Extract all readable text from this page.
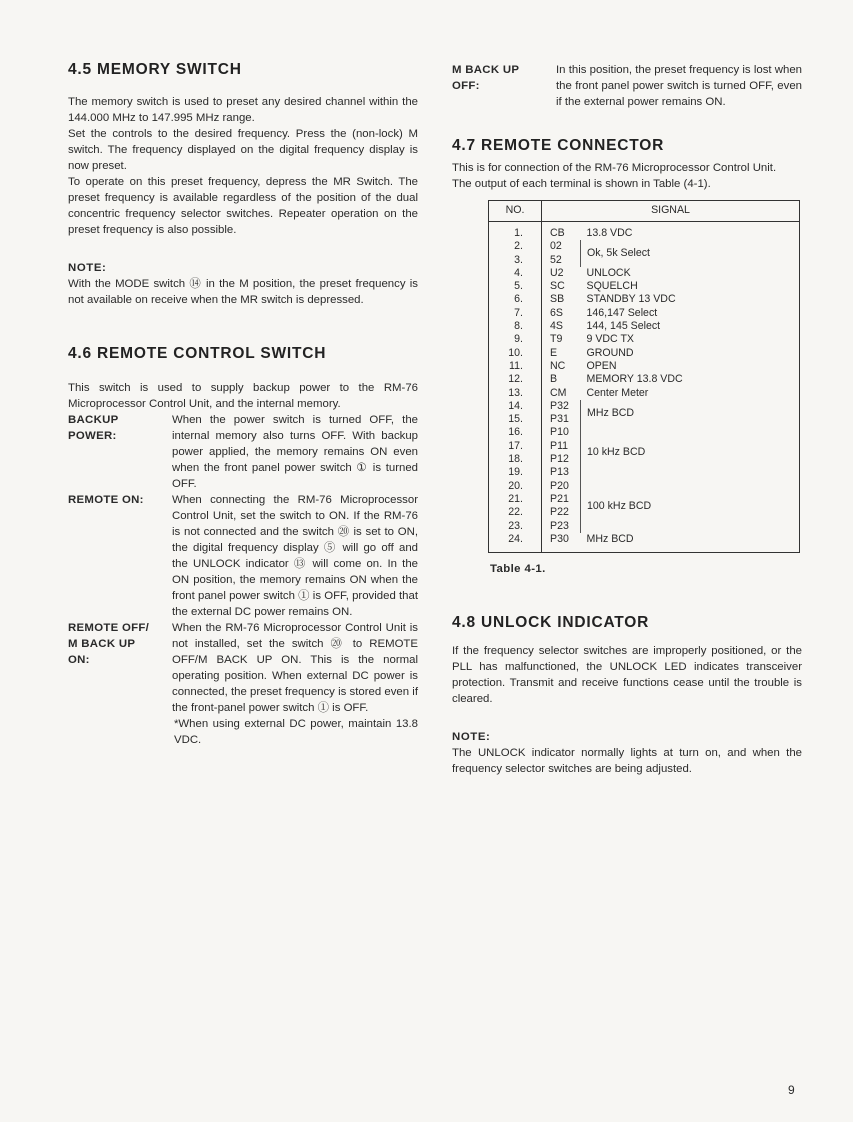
4.5 MEMORY SWITCH

The memory switch is used to preset any desired channel within the 144.000 MHz to 147.995 MHz range.

Set the controls to the desired frequency. Press the (non-lock) M switch. The frequency displayed on the digital frequency display is now preset.

To operate on this preset frequency, depress the MR Switch. The preset frequency is available regardless of the position of the dual concentric frequency selector switches. Repeater operation on the preset frequency is also possible.

NOTE:

With the MODE switch ⑭ in the M position, the preset frequency is not available on receive when the MR switch is depressed.

4.6 REMOTE CONTROL SWITCH

This switch is used to supply backup power to the RM-76 Microprocessor Control Unit, and the internal memory.

BACKUP
POWER:
When the power switch is turned OFF, the internal memory also turns OFF. With backup power applied, the memory remains ON even when the front panel power switch ① is turned OFF.
REMOTE ON:	When connecting the RM-76 Microprocessor Control Unit, set the switch to ON. If the RM-76 is not connected and the switch ⑳ is set to ON, the digital frequency display ⑤ will go off and the UNLOCK indicator ⑬ will come on. In the ON position, the memory remains ON when the front panel power switch ① is OFF, provided that the external DC power remains ON.
REMOTE OFF/
M BACK UP
ON:
When the RM-76 Microprocessor Control Unit is not installed, set the switch ⑳ to REMOTE OFF/M BACK UP ON. This is the normal operating position. When external DC power is connected, the preset frequency is stored even if the front-panel power switch ① is OFF.
*When using external DC power, maintain 13.8 VDC.
M BACK UP
OFF:
In this position, the preset frequency is lost when the front panel power switch is turned OFF, even if the external power remains ON.
4.7 REMOTE CONNECTOR

This is for connection of the RM-76 Microprocessor Control Unit.

The output of each terminal is shown in Table (4-1).

NO.	SIGNAL	
1.	CB	13.8 VDC
2.	02	Ok, 5k Select
3.	52	
4.	U2	UNLOCK
5.	SC	SQUELCH
6.	SB	STANDBY 13 VDC
7.	6S	146,147 Select
8.	4S	144, 145 Select
9.	T9	9 VDC TX
10.	E	GROUND
11.	NC	OPEN
12.	B	MEMORY 13.8 VDC
13.	CM	Center Meter
14.	P32	MHz BCD
15.	P31	
16.	P10	10 kHz BCD
17.	P11	
18.	P12	
19.	P13	
20.	P20	100 kHz BCD
21.	P21	
22.	P22	
23.	P23	
24.	P30	MHz BCD

Table 4-1.

4.8 UNLOCK INDICATOR

If the frequency selector switches are improperly positioned, or the PLL has malfunctioned, the UNLOCK LED indicates transceiver protection. Transmit and receive functions cease until the trouble is cleared.

NOTE:

The UNLOCK indicator normally lights at turn on, and when the frequency selector switches are being adjusted.

9
